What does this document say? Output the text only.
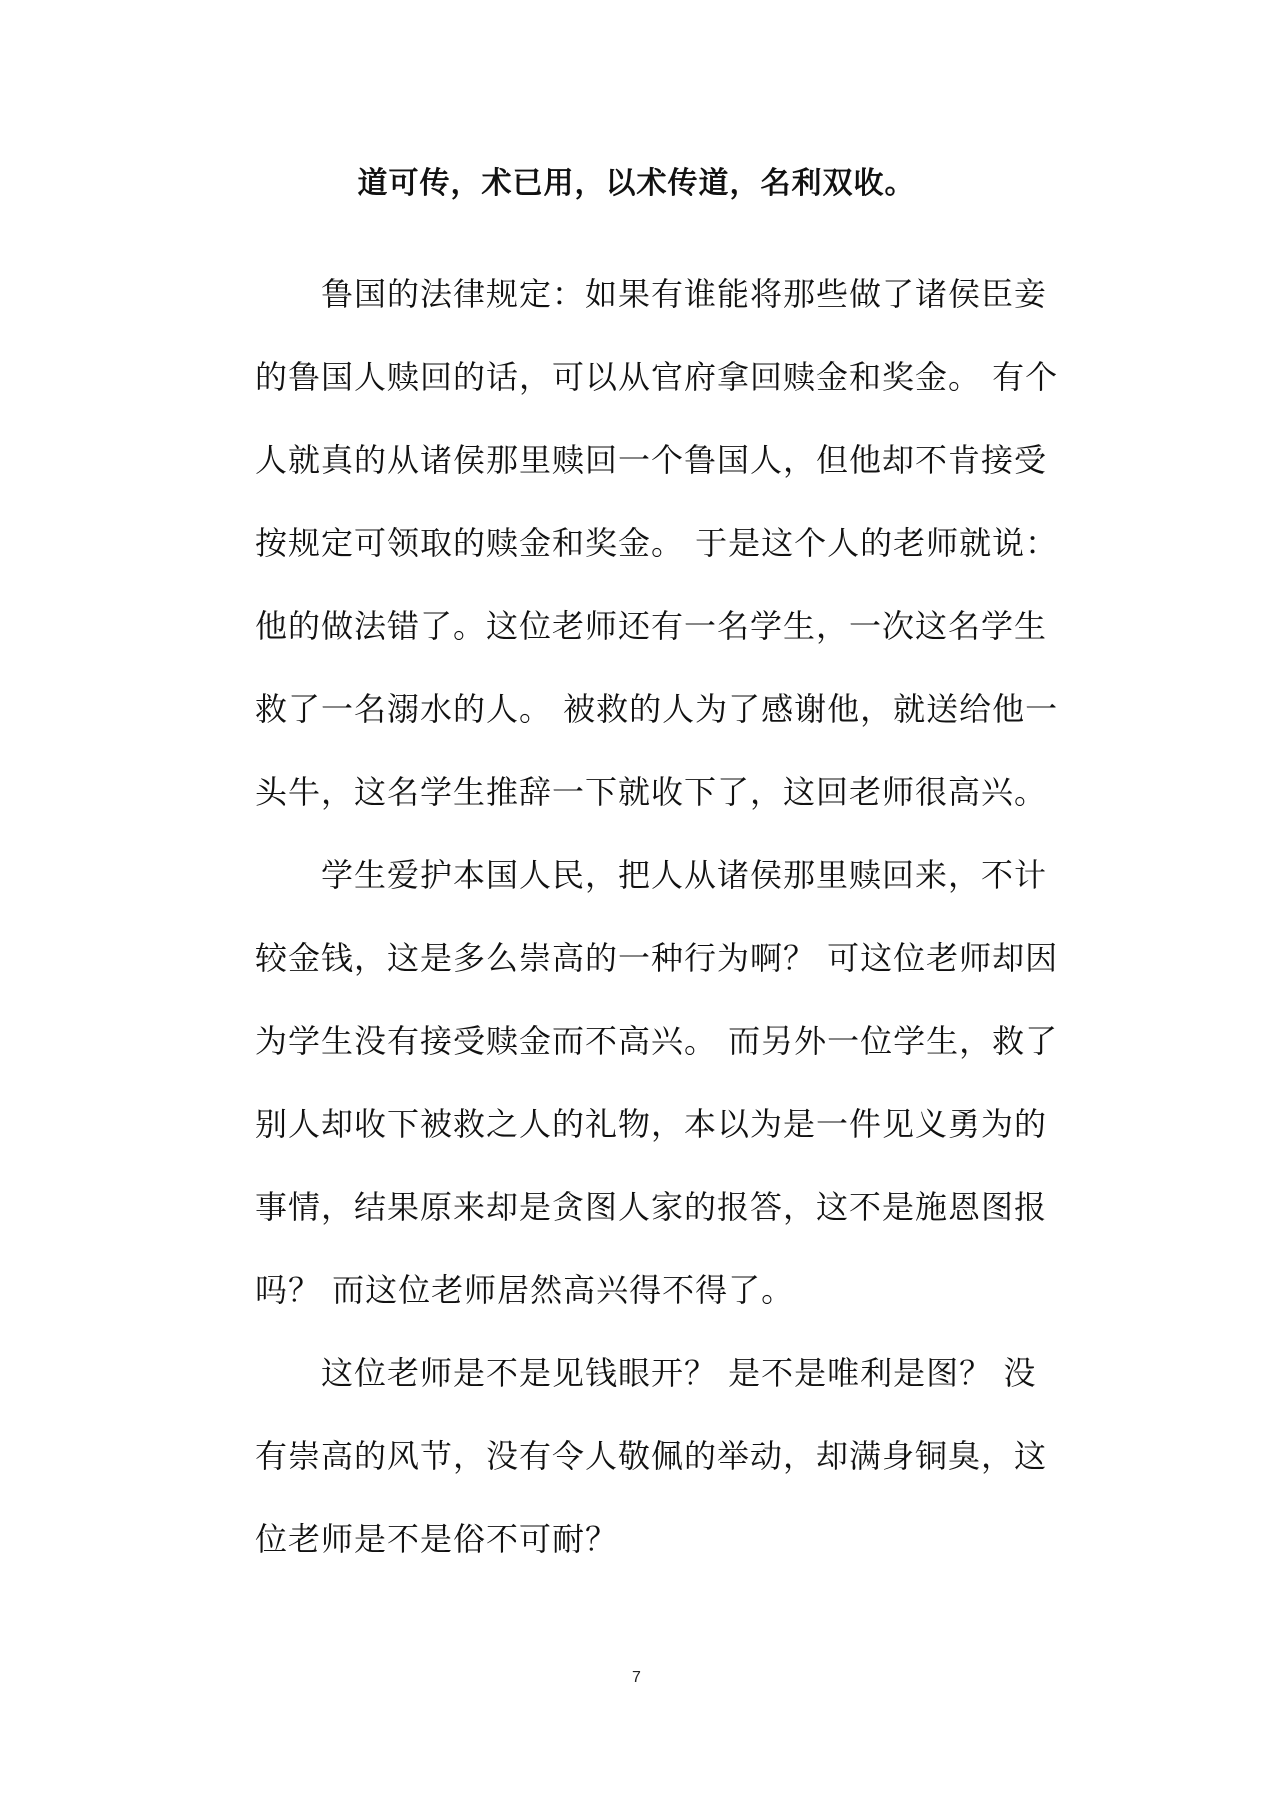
道可传，术已用，以术传道，名利双收。
鲁国的法律规定：如果有谁能将那些做了诸侯臣妾
的鲁国人赎回的话，可以从官府拿回赎金和奖金。 有个
人就真的从诸侯那里赎回一个鲁国人，但他却不肯接受
按规定可领取的赎金和奖金。 于是这个人的老师就说：
他的做法错了。这位老师还有一名学生，一次这名学生
救了一名溺水的人。 被救的人为了感谢他，就送给他一
头牛，这名学生推辞一下就收下了，这回老师很高兴。
学生爱护本国人民，把人从诸侯那里赎回来，不计
较金钱，这是多么崇高的一种行为啊？ 可这位老师却因
为学生没有接受赎金而不高兴。 而另外一位学生，救了
别人却收下被救之人的礼物，本以为是一件见义勇为的
事情，结果原来却是贪图人家的报答，这不是施恩图报
吗？ 而这位老师居然高兴得不得了。
这位老师是不是见钱眼开？ 是不是唯利是图？ 没
有崇高的风节，没有令人敬佩的举动，却满身铜臭，这
位老师是不是俗不可耐？
7
